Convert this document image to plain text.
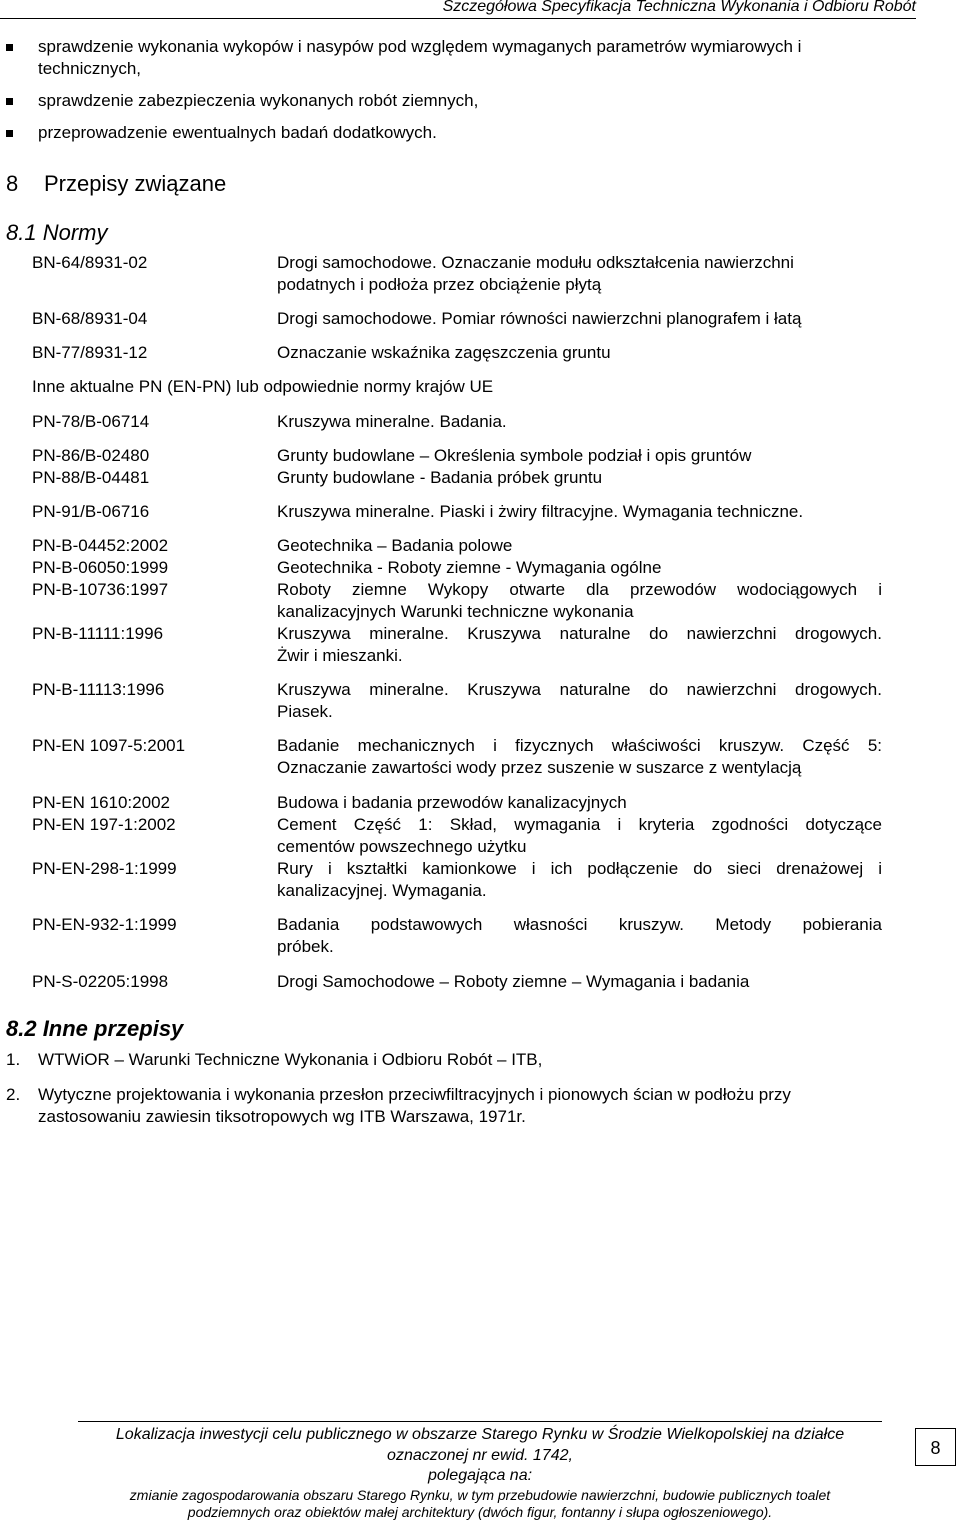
Szczegółowa Specyfikacja Techniczna Wykonania i Odbioru Robót
sprawdzenie wykonania wykopów i nasypów pod względem wymaganych parametrów wymiarowych i
technicznych,
sprawdzenie zabezpieczenia wykonanych robót ziemnych,
przeprowadzenie ewentualnych badań dodatkowych.
8 Przepisy związane
8.1 Normy
BN-64/8931-02	Drogi samochodowe. Oznaczanie modułu odkształcenia nawierzchni
podatnych i podłoża przez obciążenie płytą
BN-68/8931-04	Drogi samochodowe. Pomiar równości nawierzchni planografem i łatą
BN-77/8931-12	Oznaczanie wskaźnika zagęszczenia gruntu
Inne aktualne PN (EN-PN) lub odpowiednie normy krajów UE
PN-78/B-06714	Kruszywa mineralne. Badania.
PN-86/B-02480	Grunty budowlane – Określenia symbole podział i opis gruntów
PN-88/B-04481	Grunty budowlane - Badania próbek gruntu
PN-91/B-06716	Kruszywa mineralne. Piaski i żwiry filtracyjne. Wymagania techniczne.
PN-B-04452:2002	Geotechnika – Badania polowe
PN-B-06050:1999	Geotechnika - Roboty ziemne - Wymagania ogólne
PN-B-10736:1997	Roboty ziemne Wykopy otwarte dla przewodów wodociągowych i
kanalizacyjnych Warunki techniczne wykonania
PN-B-11111:1996	Kruszywa mineralne. Kruszywa naturalne do nawierzchni drogowych.
Żwir i mieszanki.
PN-B-11113:1996	Kruszywa mineralne. Kruszywa naturalne do nawierzchni drogowych.
Piasek.
PN-EN 1097-5:2001	Badanie mechanicznych i fizycznych właściwości kruszyw. Część 5:
Oznaczanie zawartości wody przez suszenie w suszarce z wentylacją
PN-EN 1610:2002	Budowa i badania przewodów kanalizacyjnych
PN-EN 197-1:2002	Cement Część 1: Skład, wymagania i kryteria zgodności dotyczące
cementów powszechnego użytku
PN-EN-298-1:1999	Rury i kształtki kamionkowe i ich podłączenie do sieci drenażowej i
kanalizacyjnej. Wymagania.
PN-EN-932-1:1999	Badania podstawowych własności kruszyw. Metody pobierania
próbek.
PN-S-02205:1998	Drogi Samochodowe – Roboty ziemne – Wymagania i badania
8.2 Inne przepisy
1. WTWiOR – Warunki Techniczne Wykonania i Odbioru Robót – ITB,
2. Wytyczne projektowania i wykonania przesłon przeciwfiltracyjnych i pionowych ścian w podłożu przy
zastosowaniu zawiesin tiksotropowych wg ITB Warszawa, 1971r.
Lokalizacja inwestycji celu publicznego w obszarze Starego Rynku w Środzie Wielkopolskiej na działce
oznaczonej nr ewid. 1742,
polegająca na:
zmianie zagospodarowania obszaru Starego Rynku, w tym przebudowie nawierzchni, budowie publicznych toalet
podziemnych oraz obiektów małej architektury (dwóch figur, fontanny i słupa ogłoszeniowego).
8
